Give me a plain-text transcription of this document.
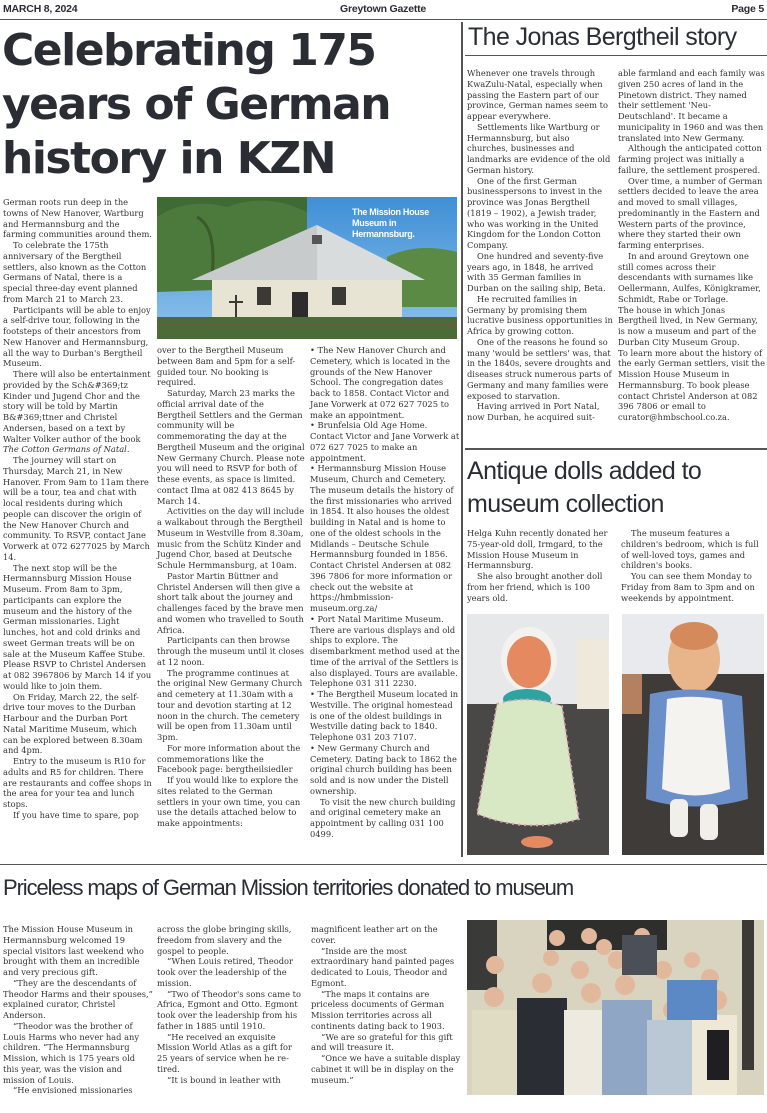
MARCH 8, 2024	Greytown Gazette	Page 5
Celebrating 175
years of German
history in KZN
The Mission House Museum in Hermannsburg.

German roots run deep in the towns of New Hanover, Wartburg and Hermannsburg and the farming communities around them.

To celebrate the 175th anniversary of the Bergtheil settlers, also known as the Cotton Germans of Natal, there is a special three-day event planned from March 21 to March 23.

Participants will be able to enjoy a self-drive tour, following in the footsteps of their ancestors from New Hanover and Hermannsburg, all the way to Durban's Bergtheil Museum.

There will also be entertainment provided by the Sch&#369;tz Kinder und Jugend Chor and the story will be told by Martin B&#369;ttner and Christel Andersen, based on a text by Walter Volker author of the book The Cotton Germans of Natal.

The journey will start on Thursday, March 21, in New Hanover. From 9am to 11am there will be a tour, tea and chat with local residents during which people can discover the origin of the New Hanover Church and community. To RSVP, contact Jane Vorwerk at 072 6277025 by March 14.

The next stop will be the Hermannsburg Mission House Museum. From 8am to 3pm, participants can explore the museum and the history of the German missionaries. Light lunches, hot and cold drinks and sweet German treats will be on sale at the Museum Kaffee Stube. Please RSVP to Christel Andersen at 082 3967806 by March 14 if you would like to join them.

On Friday, March 22, the self-drive tour moves to the Durban Harbour and the Durban Port Natal Maritime Museum, which can be explored between 8.30am and 4pm.

Entry to the museum is R10 for adults and R5 for children. There are restaurants and coffee shops in the area for your tea and lunch stops.

If you have time to spare, pop

over to the Bergtheil Museum between 8am and 5pm for a self-guided tour. No booking is required.

Saturday, March 23 marks the official arrival date of the Bergtheil Settlers and the German community will be commemorating the day at the Bergtheil Museum and the original New Germany Church. Please note you will need to RSVP for both of these events, as space is limited. contact Ilma at 082 413 8645 by March 14.

Activities on the day will include a walkabout through the Bergtheil Museum in Westville from 8.30am, music from the Schütz Kinder and Jugend Chor, based at Deutsche Schule Hermmansburg, at 10am.

Pastor Martin Büttner and Christel Andersen will then give a short talk about the journey and challenges faced by the brave men and women who travelled to South Africa.

Participants can then browse through the museum until it closes at 12 noon.

The programme continues at the original New Germany Church and cemetery at 11.30am with a tour and devotion starting at 12 noon in the church. The cemetery will be open from 11.30am until 3pm.

For more information about the commemorations like the Facebook page: bergtheilsiedler

If you would like to explore the sites related to the German settlers in your own time, you can use the details attached below to make appointments:

• The New Hanover Church and Cemetery, which is located in the grounds of the New Hanover School. The congregation dates back to 1858. Contact Victor and Jane Vorwerk at 072 627 7025 to make an appointment.

• Brunfelsia Old Age Home. Contact Victor and Jane Vorwerk at 072 627 7025 to make an appointment.

• Hermannsburg Mission House Museum, Church and Cemetery. The museum details the history of the first missionaries who arrived in 1854. It also houses the oldest building in Natal and is home to one of the oldest schools in the Midlands – Deutsche Schule Hermannsburg founded in 1856. Contact Christel Andersen at 082 396 7806 for more information or check out the website at https://hmbmission-museum.org.za/

• Port Natal Maritime Museum. There are various displays and old ships to explore. The disembarkment method used at the time of the arrival of the Settlers is also displayed. Tours are available. Telephone 031 311 2230.

• The Bergtheil Museum located in Westville. The original homestead is one of the oldest buildings in Westville dating back to 1840. Telephone 031 203 7107.

• New Germany Church and Cemetery. Dating back to 1862 the original church building has been sold and is now under the Distell ownership.

To visit the new church building and original cemetery make an appointment by calling 031 100 0499.

The Jonas Bergtheil story

Whenever one travels through KwaZulu-Natal, especially when passing the Eastern part of our province, German names seem to appear everywhere.

Settlements like Wartburg or Hermannsburg, but also churches, businesses and landmarks are evidence of the old German history.

One of the first German businesspersons to invest in the province was Jonas Bergtheil (1819 – 1902), a Jewish trader, who was working in the United Kingdom for the London Cotton Company.

One hundred and seventy-five years ago, in 1848, he arrived with 35 German families in Durban on the sailing ship, Beta.

He recruited families in Germany by promising them lucrative business opportunities in Africa by growing cotton.

One of the reasons he found so many 'would be settlers' was, that in the 1840s, severe droughts and diseases struck numerous parts of Germany and many families were exposed to starvation.

Having arrived in Port Natal, now Durban, he acquired suit-

able farmland and each family was given 250 acres of land in the Pinetown district. They named their settlement 'Neu-Deutschland'. It became a municipality in 1960 and was then translated into New Germany.

Although the anticipated cotton farming project was initially a failure, the settlement prospered.

Over time, a number of German settlers decided to leave the area and moved to small villages, predominantly in the Eastern and Western parts of the province, where they started their own farming enterprises.

In and around Greytown one still comes across their descendants with surnames like Oellermann, Aulfes, Königkramer, Schmidt, Rabe or Torlage.

The house in which Jonas Bergtheil lived, in New Germany, is now a museum and part of the Durban City Museum Group.

To learn more about the history of the early German settlers, visit the Mission House Museum in Hermannsburg. To book please contact Christel Anderson at 082 396 7806 or email to curator@hmbschool.co.za.

Antique dolls added to museum collection

Helga Kuhn recently donated her 75-year-old doll, Irmgard, to the Mission House Museum in Hermannsburg.

She also brought another doll from her friend, which is 100 years old.

The museum features a children's bedroom, which is full of well-loved toys, games and children's books.

You can see them Monday to Friday from 8am to 3pm and on weekends by appointment.

Priceless maps of German Mission territories donated to museum

The Mission House Museum in Hermannsburg welcomed 19 special visitors last weekend who brought with them an incredible and very precious gift.

“They are the descendants of Theodor Harms and their spouses,” explained curator, Christel Anderson.

“Theodor was the brother of Louis Harms who never had any children. “The Hermannsburg Mission, which is 175 years old this year, was the vision and mission of Louis.

“He envisioned missionaries

across the globe bringing skills, freedom from slavery and the gospel to people.

“When Louis retired, Theodor took over the leadership of the mission.

“Two of Theodor's sons came to Africa, Egmont and Otto. Egmont took over the leadership from his father in 1885 until 1910.

“He received an exquisite Mission World Atlas as a gift for 25 years of service when he re-tired.

“It is bound in leather with

magnificent leather art on the cover.

“Inside are the most extraordinary hand painted pages dedicated to Louis, Theodor and Egmont.

“The maps it contains are priceless documents of German Mission territories across all continents dating back to 1903.

“We are so grateful for this gift and will treasure it.

“Once we have a suitable display cabinet it will be in display on the museum.”
